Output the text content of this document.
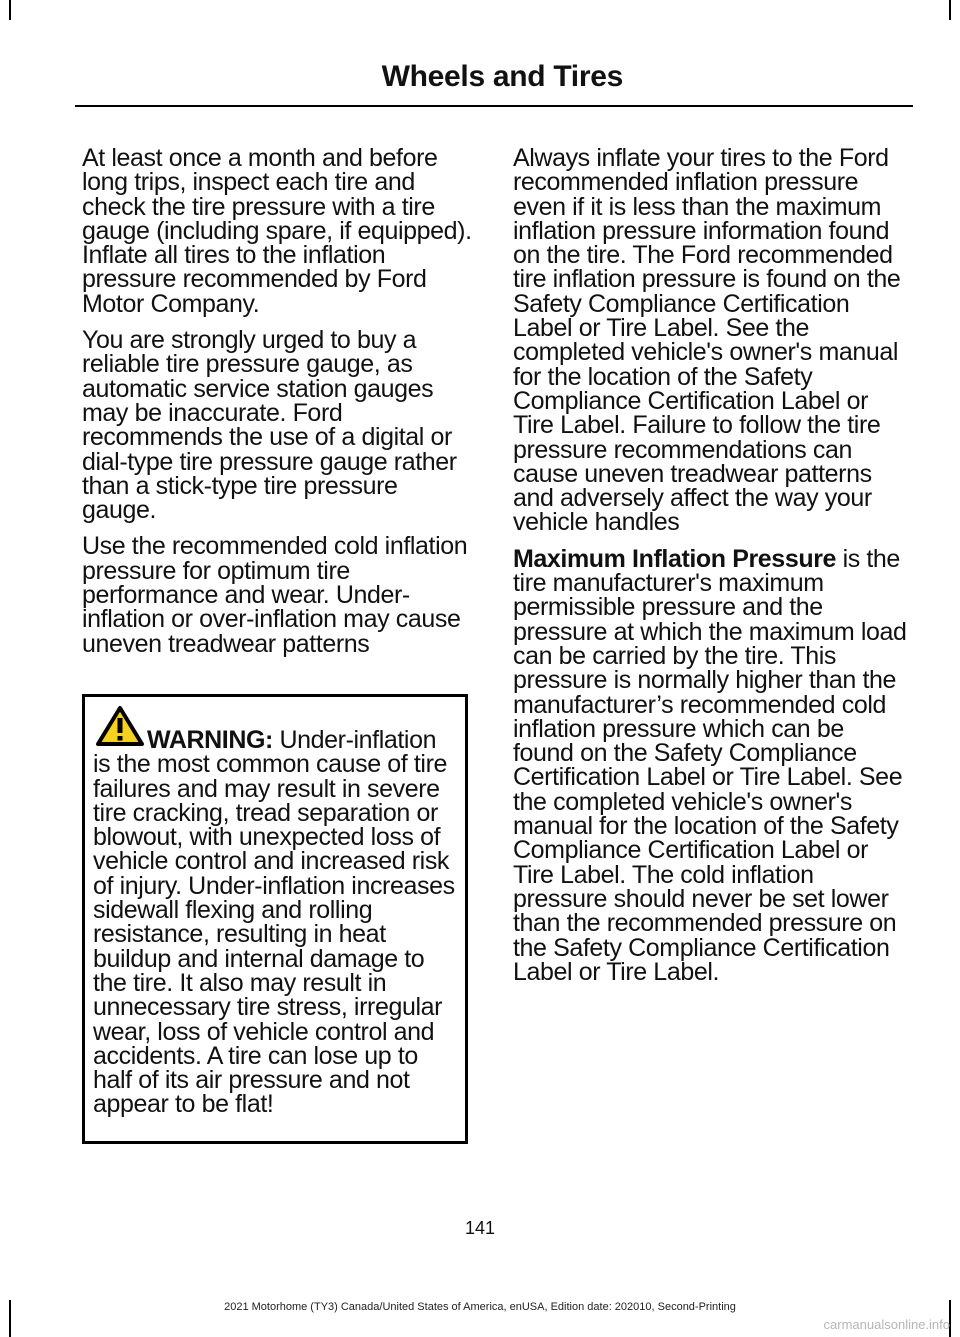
Wheels and Tires

At least once a month and before long trips, inspect each tire and check the tire pressure with a tire gauge (including spare, if equipped). Inflate all tires to the inflation pressure recommended by Ford Motor Company.

You are strongly urged to buy a reliable tire pressure gauge, as automatic service station gauges may be inaccurate. Ford recommends the use of a digital or dial-type tire pressure gauge rather than a stick-type tire pressure gauge.

Use the recommended cold inflation pressure for optimum tire performance and wear. Under-inflation or over-inflation may cause uneven treadwear patterns

WARNING: Under-inflation is the most common cause of tire failures and may result in severe tire cracking, tread separation or blowout, with unexpected loss of vehicle control and increased risk of injury. Under-inflation increases sidewall flexing and rolling resistance, resulting in heat buildup and internal damage to the tire. It also may result in unnecessary tire stress, irregular wear, loss of vehicle control and accidents. A tire can lose up to half of its air pressure and not appear to be flat!

Always inflate your tires to the Ford recommended inflation pressure even if it is less than the maximum inflation pressure information found on the tire. The Ford recommended tire inflation pressure is found on the Safety Compliance Certification Label or Tire Label. See the completed vehicle's owner's manual for the location of the Safety Compliance Certification Label or Tire Label. Failure to follow the tire pressure recommendations can cause uneven treadwear patterns and adversely affect the way your vehicle handles

Maximum Inflation Pressure is the tire manufacturer's maximum permissible pressure and the pressure at which the maximum load can be carried by the tire. This pressure is normally higher than the manufacturer’s recommended cold inflation pressure which can be found on the Safety Compliance Certification Label or Tire Label. See the completed vehicle's owner's manual for the location of the Safety Compliance Certification Label or Tire Label. The cold inflation pressure should never be set lower than the recommended pressure on the Safety Compliance Certification Label or Tire Label.

141
2021 Motorhome (TY3) Canada/United States of America, enUSA, Edition date: 202010, Second-Printing
carmanualsonline.info
